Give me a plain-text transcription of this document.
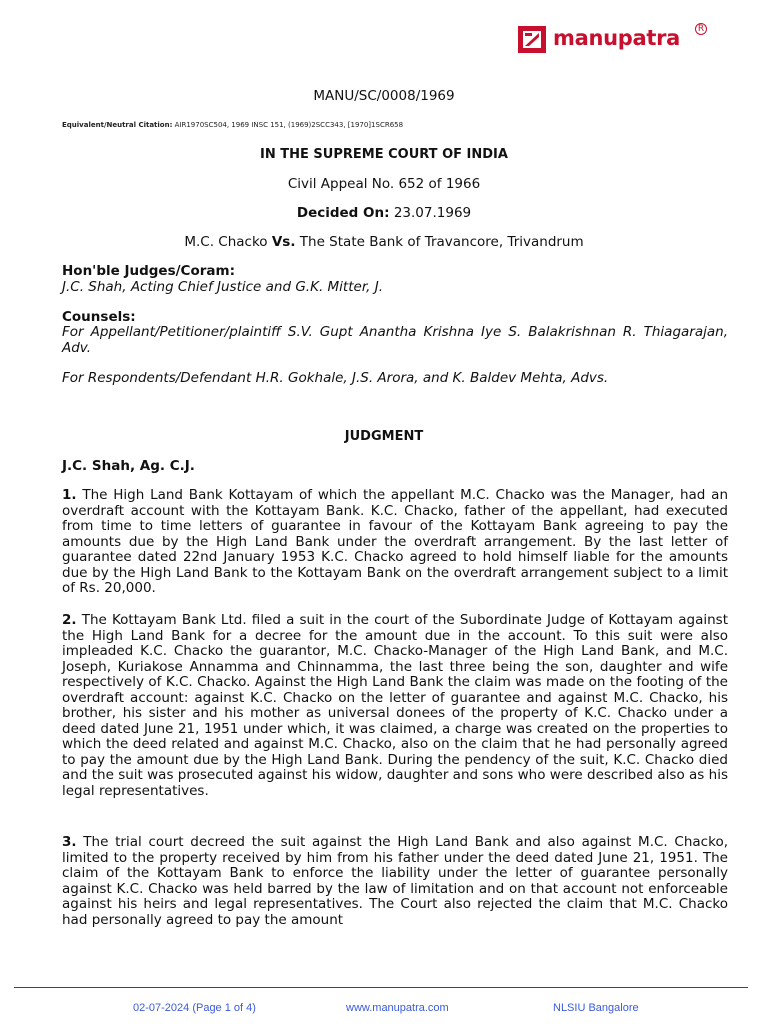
manupatra	R
MANU/SC/0008/1969
Equivalent/Neutral Citation: AIR1970SC504, 1969 INSC 151, (1969)2SCC343, [1970]1SCR658
IN THE SUPREME COURT OF INDIA
Civil Appeal No. 652 of 1966
Decided On: 23.07.1969
M.C. Chacko Vs. The State Bank of Travancore, Trivandrum
Hon'ble Judges/Coram:
J.C. Shah, Acting Chief Justice and G.K. Mitter, J.
Counsels:
For Appellant/Petitioner/plaintiff S.V. Gupt Anantha Krishna Iye S. Balakrishnan R. Thiagarajan, Adv.
For Respondents/Defendant H.R. Gokhale, J.S. Arora, and K. Baldev Mehta, Advs.
JUDGMENT
J.C. Shah, Ag. C.J.
1. The High Land Bank Kottayam of which the appellant M.C. Chacko was the Manager, had an overdraft account with the Kottayam Bank. K.C. Chacko, father of the appellant, had executed from time to time letters of guarantee in favour of the Kottayam Bank agreeing to pay the amounts due by the High Land Bank under the overdraft arrangement. By the last letter of guarantee dated 22nd January 1953 K.C. Chacko agreed to hold himself liable for the amounts due by the High Land Bank to the Kottayam Bank on the overdraft arrangement subject to a limit of Rs. 20,000.
2. The Kottayam Bank Ltd. filed a suit in the court of the Subordinate Judge of Kottayam against the High Land Bank for a decree for the amount due in the account. To this suit were also impleaded K.C. Chacko the guarantor, M.C. Chacko-Manager of the High Land Bank, and M.C. Joseph, Kuriakose Annamma and Chinnamma, the last three being the son, daughter and wife respectively of K.C. Chacko. Against the High Land Bank the claim was made on the footing of the overdraft account: against K.C. Chacko on the letter of guarantee and against M.C. Chacko, his brother, his sister and his mother as universal donees of the property of K.C. Chacko under a deed dated June 21, 1951 under which, it was claimed, a charge was created on the properties to which the deed related and against M.C. Chacko, also on the claim that he had personally agreed to pay the amount due by the High Land Bank. During the pendency of the suit, K.C. Chacko died and the suit was prosecuted against his widow, daughter and sons who were described also as his legal representatives.
3. The trial court decreed the suit against the High Land Bank and also against M.C. Chacko, limited to the property received by him from his father under the deed dated June 21, 1951. The claim of the Kottayam Bank to enforce the liability under the letter of guarantee personally against K.C. Chacko was held barred by the law of limitation and on that account not enforceable against his heirs and legal representatives. The Court also rejected the claim that M.C. Chacko had personally agreed to pay the amount
02-07-2024 (Page 1 of 4)	www.manupatra.com	NLSIU Bangalore
